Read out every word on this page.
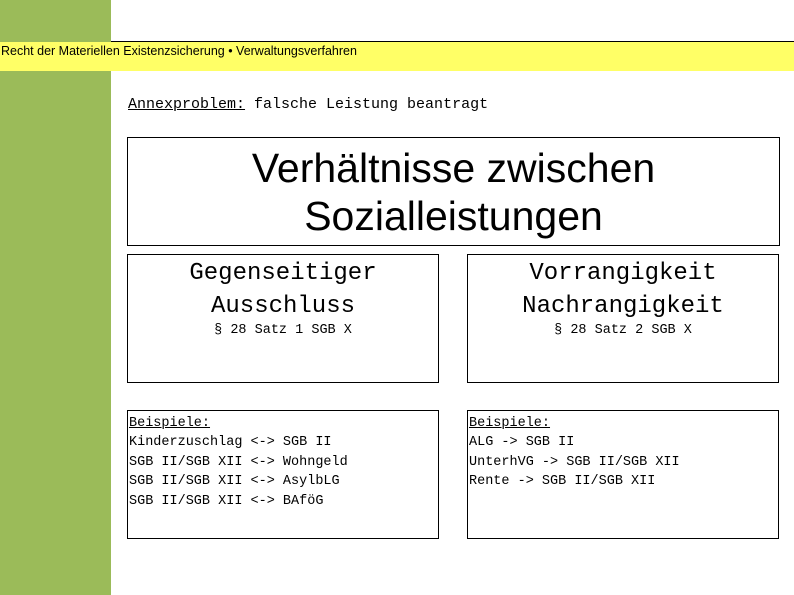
Recht der Materiellen Existenzsicherung • Verwaltungsverfahren
Annexproblem: falsche Leistung beantragt
Verhältnisse zwischen
Sozialleistungen
Gegenseitiger
Ausschluss
§ 28 Satz 1 SGB X
Vorrangigkeit
Nachrangigkeit
§ 28 Satz 2 SGB X
Beispiele:
Kinderzuschlag <-> SGB II
SGB II/SGB XII <-> Wohngeld
SGB II/SGB XII <-> AsylbLG
SGB II/SGB XII <-> BAföG
Beispiele:
ALG -> SGB II
UnterhVG -> SGB II/SGB XII
Rente -> SGB II/SGB XII
